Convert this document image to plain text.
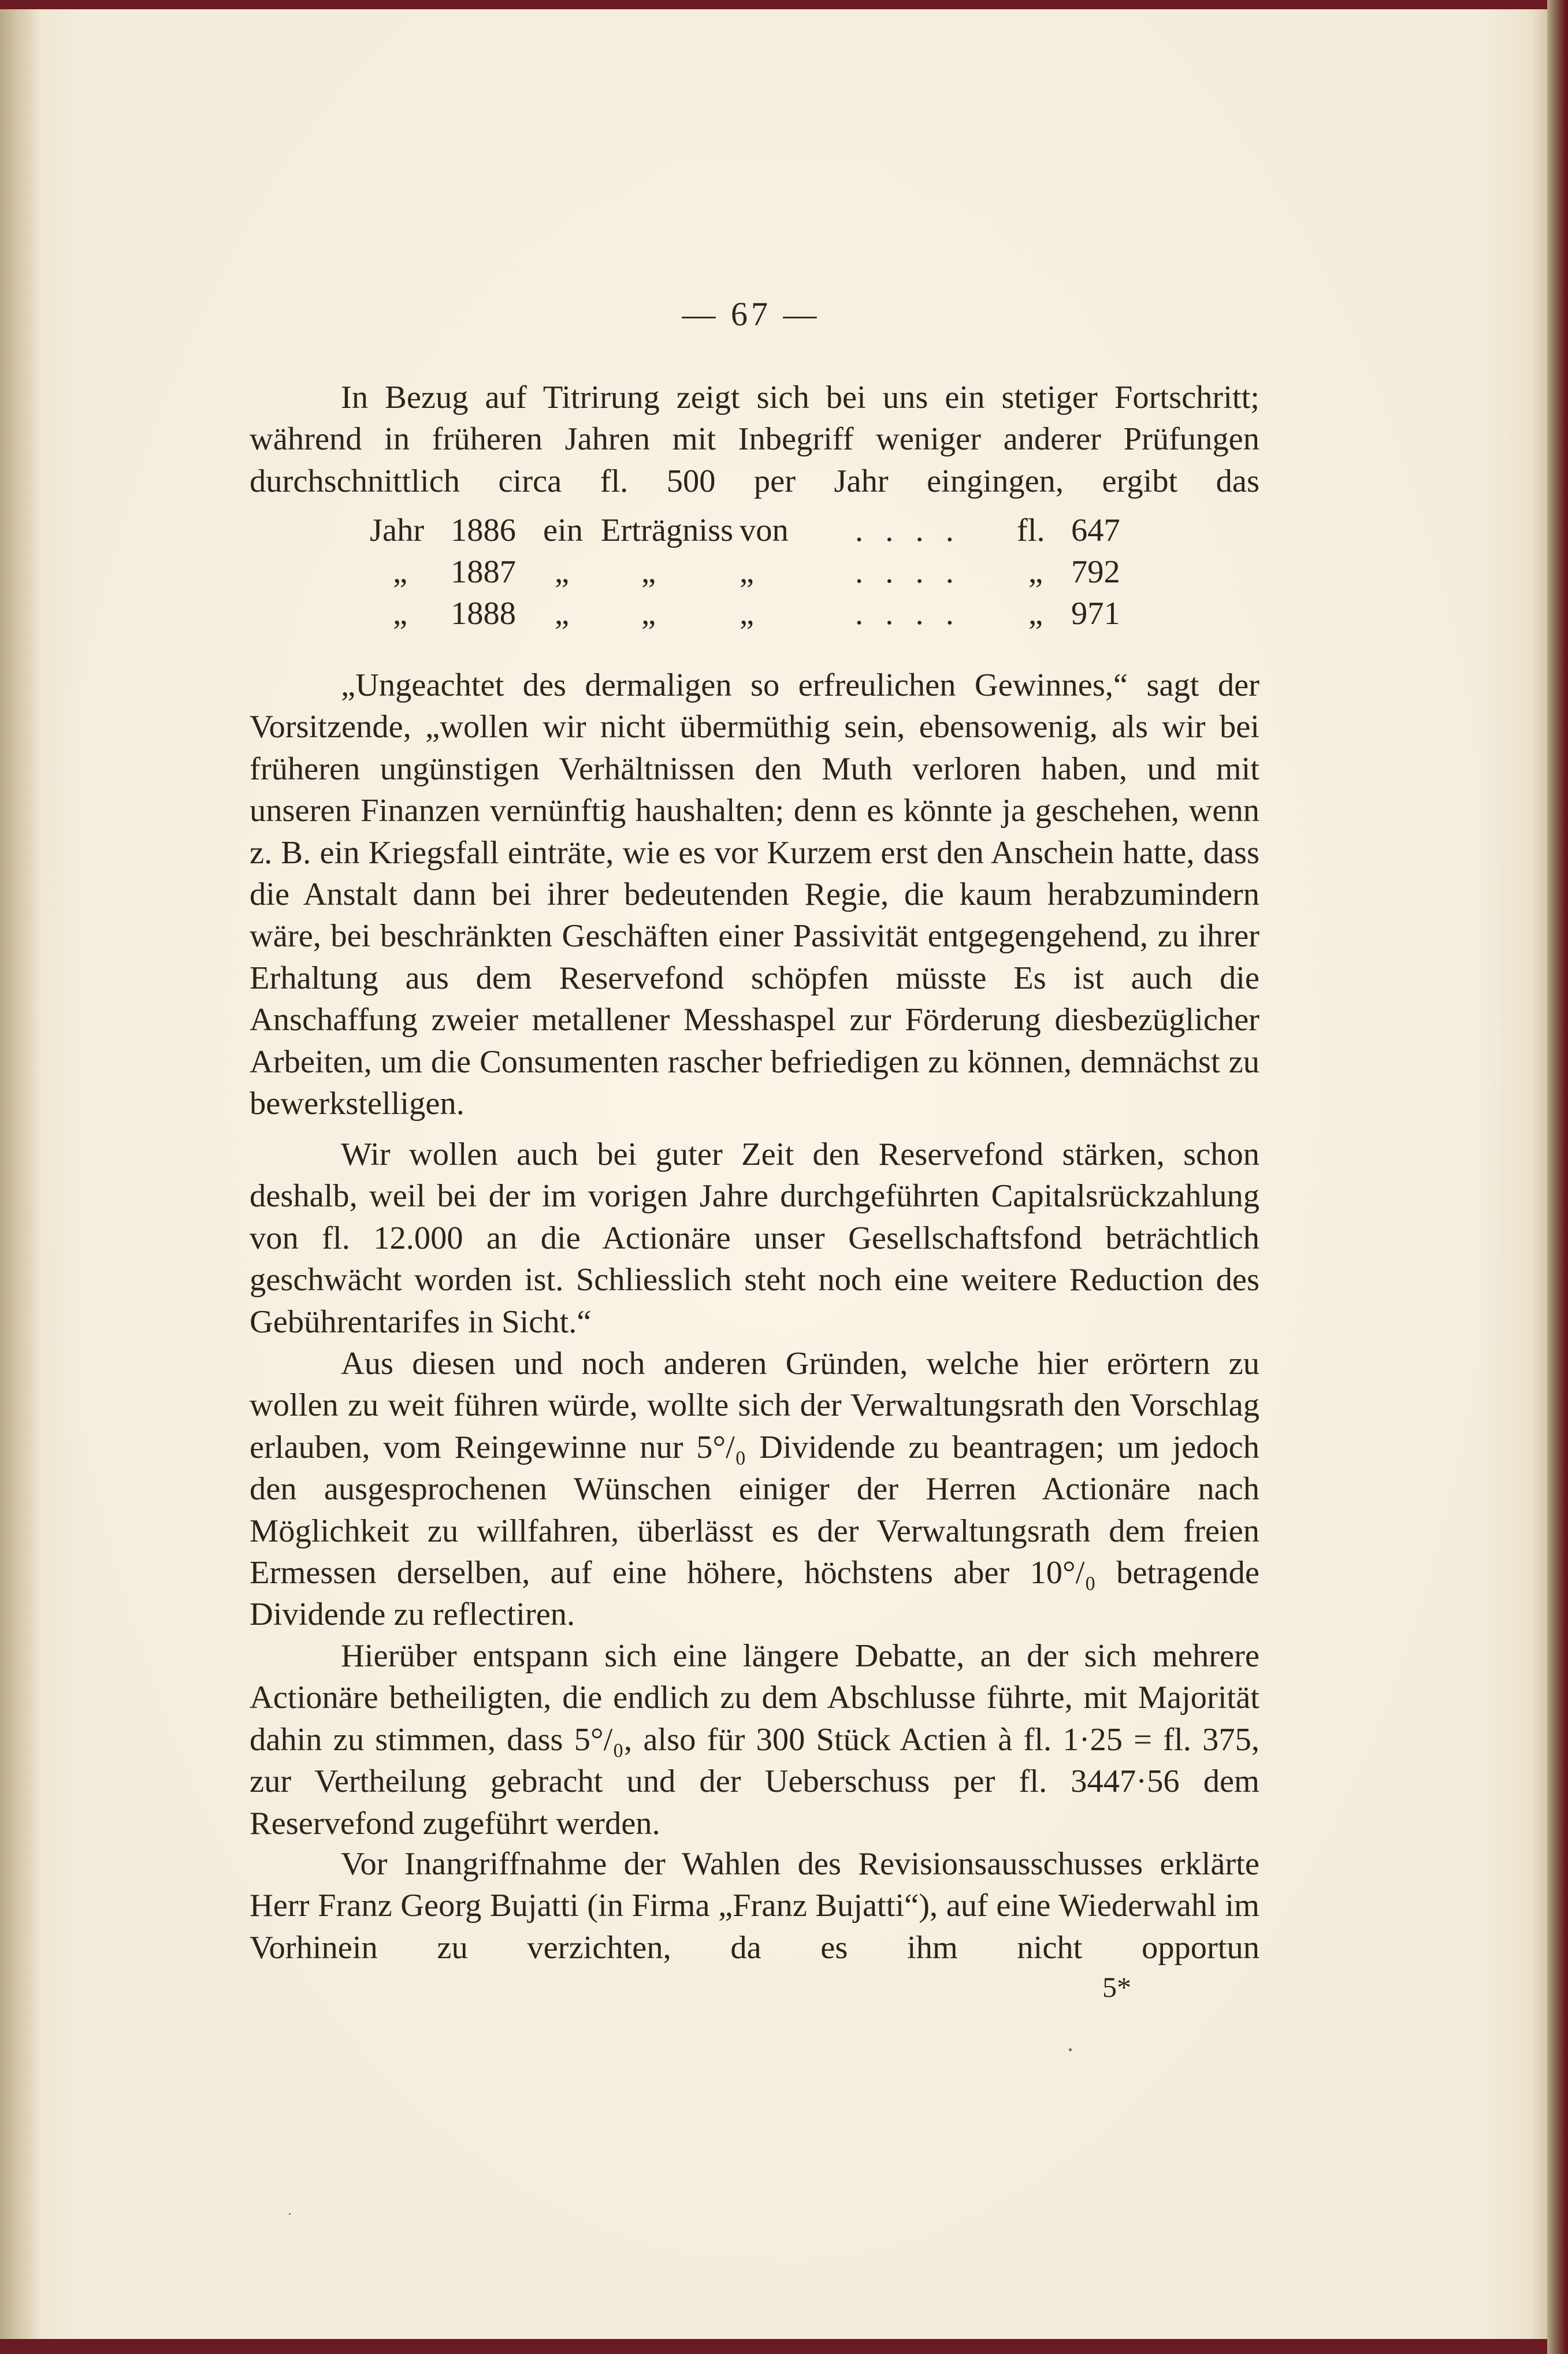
— 67 —

In Bezug auf Titrirung zeigt sich bei uns ein stetiger Fortschritt; während in früheren Jahren mit Inbegriff weniger anderer Prüfungen durchschnittlich circa fl. 500 per Jahr eingingen, ergibt das

Jahr 1886 ein Erträgniss von . . . . fl. 647
„ 1887 „ „	„	. . . . „ 792
„ 1888 „ „	„	. . . . „ 971

„Ungeachtet des dermaligen so erfreulichen Gewinnes,“ sagt der Vorsitzende, „wollen wir nicht übermüthig sein, ebensowenig, als wir bei früheren ungünstigen Verhältnissen den Muth verloren haben, und mit unseren Finanzen vernünftig haushalten; denn es könnte ja geschehen, wenn z. B. ein Kriegsfall einträte, wie es vor Kurzem erst den Anschein hatte, dass die Anstalt dann bei ihrer bedeutenden Regie, die kaum herabzumindern wäre, bei beschränkten Geschäften einer Passivität entgegengehend, zu ihrer Erhaltung aus dem Reservefond schöpfen müsste Es ist auch die Anschaffung zweier metallener Messhaspel zur Förderung diesbezüglicher Arbeiten, um die Consumenten rascher befriedigen zu können, demnächst zu bewerkstelligen.

Wir wollen auch bei guter Zeit den Reservefond stärken, schon deshalb, weil bei der im vorigen Jahre durchgeführten Capitalsrückzahlung von fl. 12.000 an die Actionäre unser Gesellschaftsfond beträchtlich geschwächt worden ist. Schliesslich steht noch eine weitere Reduction des Gebührentarifes in Sicht.“

Aus diesen und noch anderen Gründen, welche hier erörtern zu wollen zu weit führen würde, wollte sich der Verwaltungsrath den Vorschlag erlauben, vom Reingewinne nur 5°/₀ Dividende zu beantragen; um jedoch den ausgesprochenen Wünschen einiger der Herren Actionäre nach Möglichkeit zu willfahren, überlässt es der Verwaltungsrath dem freien Ermessen derselben, auf eine höhere, höchstens aber 10°/₀ betragende Dividende zu reflectiren.

Hierüber entspann sich eine längere Debatte, an der sich mehrere Actionäre betheiligten, die endlich zu dem Abschlusse führte, mit Majorität dahin zu stimmen, dass 5°/₀, also für 300 Stück Actien à fl. 1·25 = fl. 375, zur Vertheilung gebracht und der Ueberschuss per fl. 3447·56 dem Reservefond zugeführt werden.

Vor Inangriffnahme der Wahlen des Revisionsausschusses erklärte Herr Franz Georg Bujatti (in Firma „Franz Bujatti“), auf eine Wiederwahl im Vorhinein zu verzichten, da es ihm nicht opportun

5*
